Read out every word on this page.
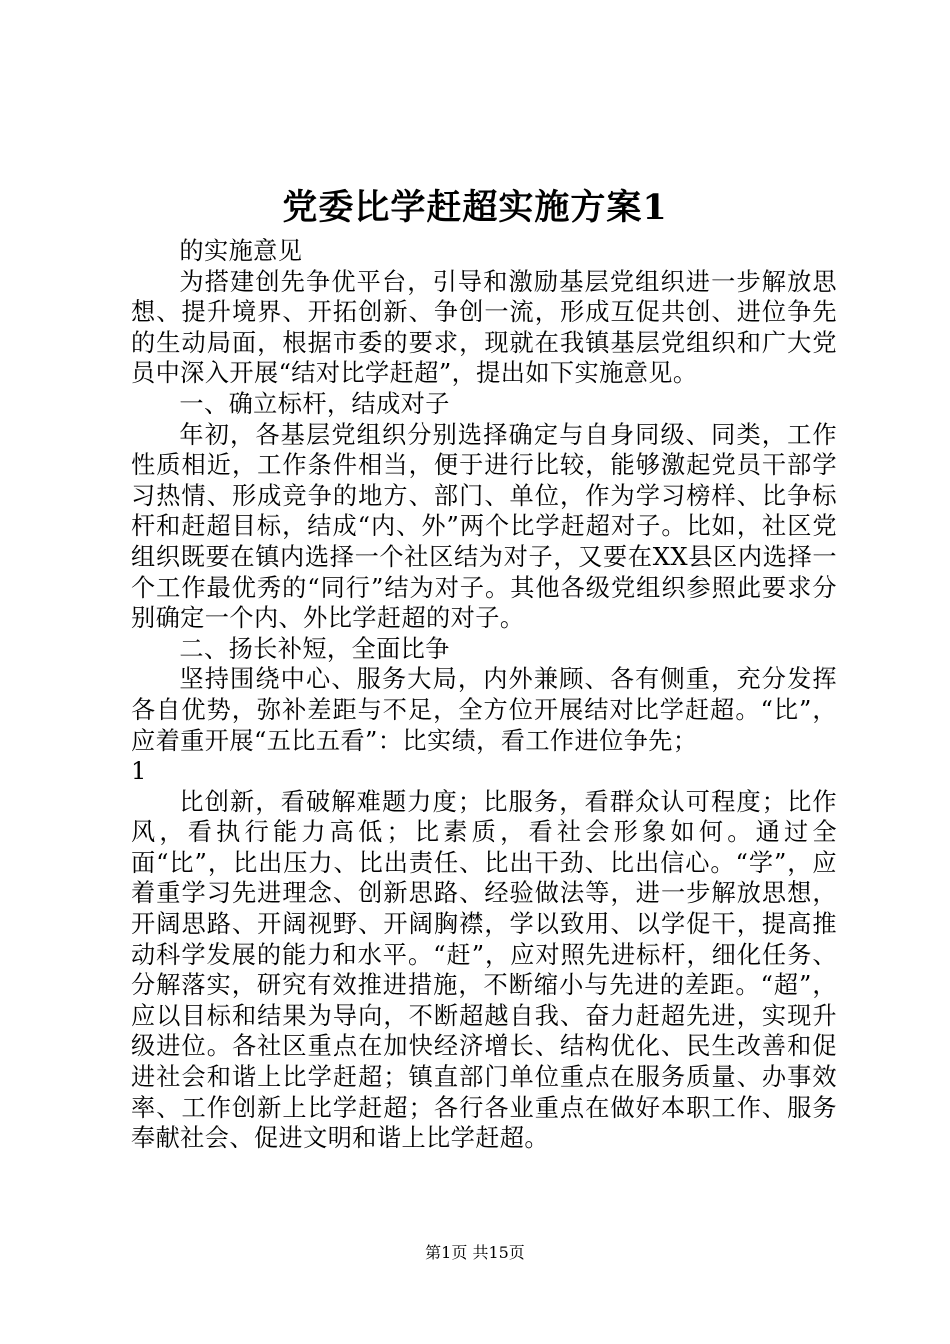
党委比学赶超实施方案1

的实施意见

为搭建创先争优平台，引导和激励基层党组织进一步解放思想、提升境界、开拓创新、争创一流，形成互促共创、进位争先的生动局面，根据市委的要求，现就在我镇基层党组织和广大党员中深入开展“结对比学赶超”，提出如下实施意见。

一、确立标杆，结成对子

年初，各基层党组织分别选择确定与自身同级、同类，工作性质相近，工作条件相当，便于进行比较，能够激起党员干部学习热情、形成竞争的地方、部门、单位，作为学习榜样、比争标杆和赶超目标，结成“内、外”两个比学赶超对子。比如，社区党组织既要在镇内选择一个社区结为对子，又要在XX县区内选择一个工作最优秀的“同行”结为对子。其他各级党组织参照此要求分别确定一个内、外比学赶超的对子。

二、扬长补短，全面比争

坚持围绕中心、服务大局，内外兼顾、各有侧重，充分发挥各自优势，弥补差距与不足，全方位开展结对比学赶超。“比”，应着重开展“五比五看”：比实绩，看工作进位争先；

1

比创新，看破解难题力度；比服务，看群众认可程度；比作风，看执行能力高低；比素质，看社会形象如何。通过全面“比”，比出压力、比出责任、比出干劲、比出信心。“学”，应着重学习先进理念、创新思路、经验做法等，进一步解放思想，开阔思路、开阔视野、开阔胸襟，学以致用、以学促干，提高推动科学发展的能力和水平。“赶”，应对照先进标杆，细化任务、分解落实，研究有效推进措施，不断缩小与先进的差距。“超”，应以目标和结果为导向，不断超越自我、奋力赶超先进，实现升级进位。各社区重点在加快经济增长、结构优化、民生改善和促进社会和谐上比学赶超；镇直部门单位重点在服务质量、办事效率、工作创新上比学赶超；各行各业重点在做好本职工作、服务奉献社会、促进文明和谐上比学赶超。

第1页 共15页
